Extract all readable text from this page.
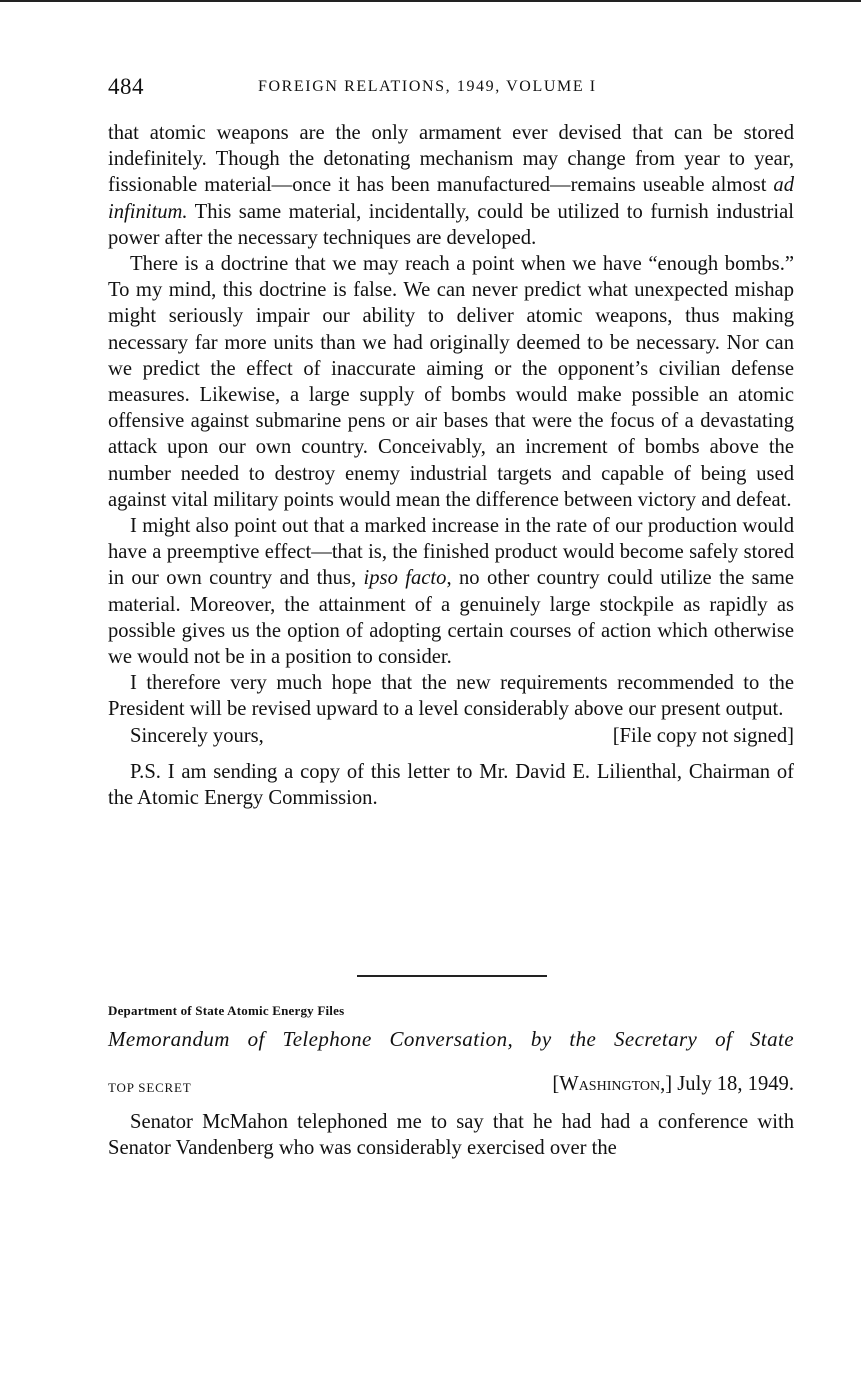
484	FOREIGN RELATIONS, 1949, VOLUME I

that atomic weapons are the only armament ever devised that can be stored indefinitely. Though the detonating mechanism may change from year to year, fissionable material—once it has been manufactured—remains useable almost ad infinitum. This same material, incidentally, could be utilized to furnish industrial power after the necessary techniques are developed.

There is a doctrine that we may reach a point when we have “enough bombs.” To my mind, this doctrine is false. We can never predict what unexpected mishap might seriously impair our ability to deliver atomic weapons, thus making necessary far more units than we had originally deemed to be necessary. Nor can we predict the effect of inaccurate aiming or the opponent’s civilian defense measures. Likewise, a large supply of bombs would make possible an atomic offensive against submarine pens or air bases that were the focus of a devastating attack upon our own country. Conceivably, an increment of bombs above the number needed to destroy enemy industrial targets and capable of being used against vital military points would mean the difference between victory and defeat.

I might also point out that a marked increase in the rate of our production would have a preemptive effect—that is, the finished product would become safely stored in our own country and thus, ipso facto, no other country could utilize the same material. Moreover, the attainment of a genuinely large stockpile as rapidly as possible gives us the option of adopting certain courses of action which otherwise we would not be in a position to consider.

I therefore very much hope that the new requirements recommended to the President will be revised upward to a level considerably above our present output.

Sincerely yours,	[File copy not signed]

P.S. I am sending a copy of this letter to Mr. David E. Lilienthal, Chairman of the Atomic Energy Commission.

Department of State Atomic Energy Files
Memorandum of Telephone Conversation, by the Secretary of State
TOP SECRET	[Washington,] July 18, 1949.

Senator McMahon telephoned me to say that he had had a conference with Senator Vandenberg who was considerably exercised over the
